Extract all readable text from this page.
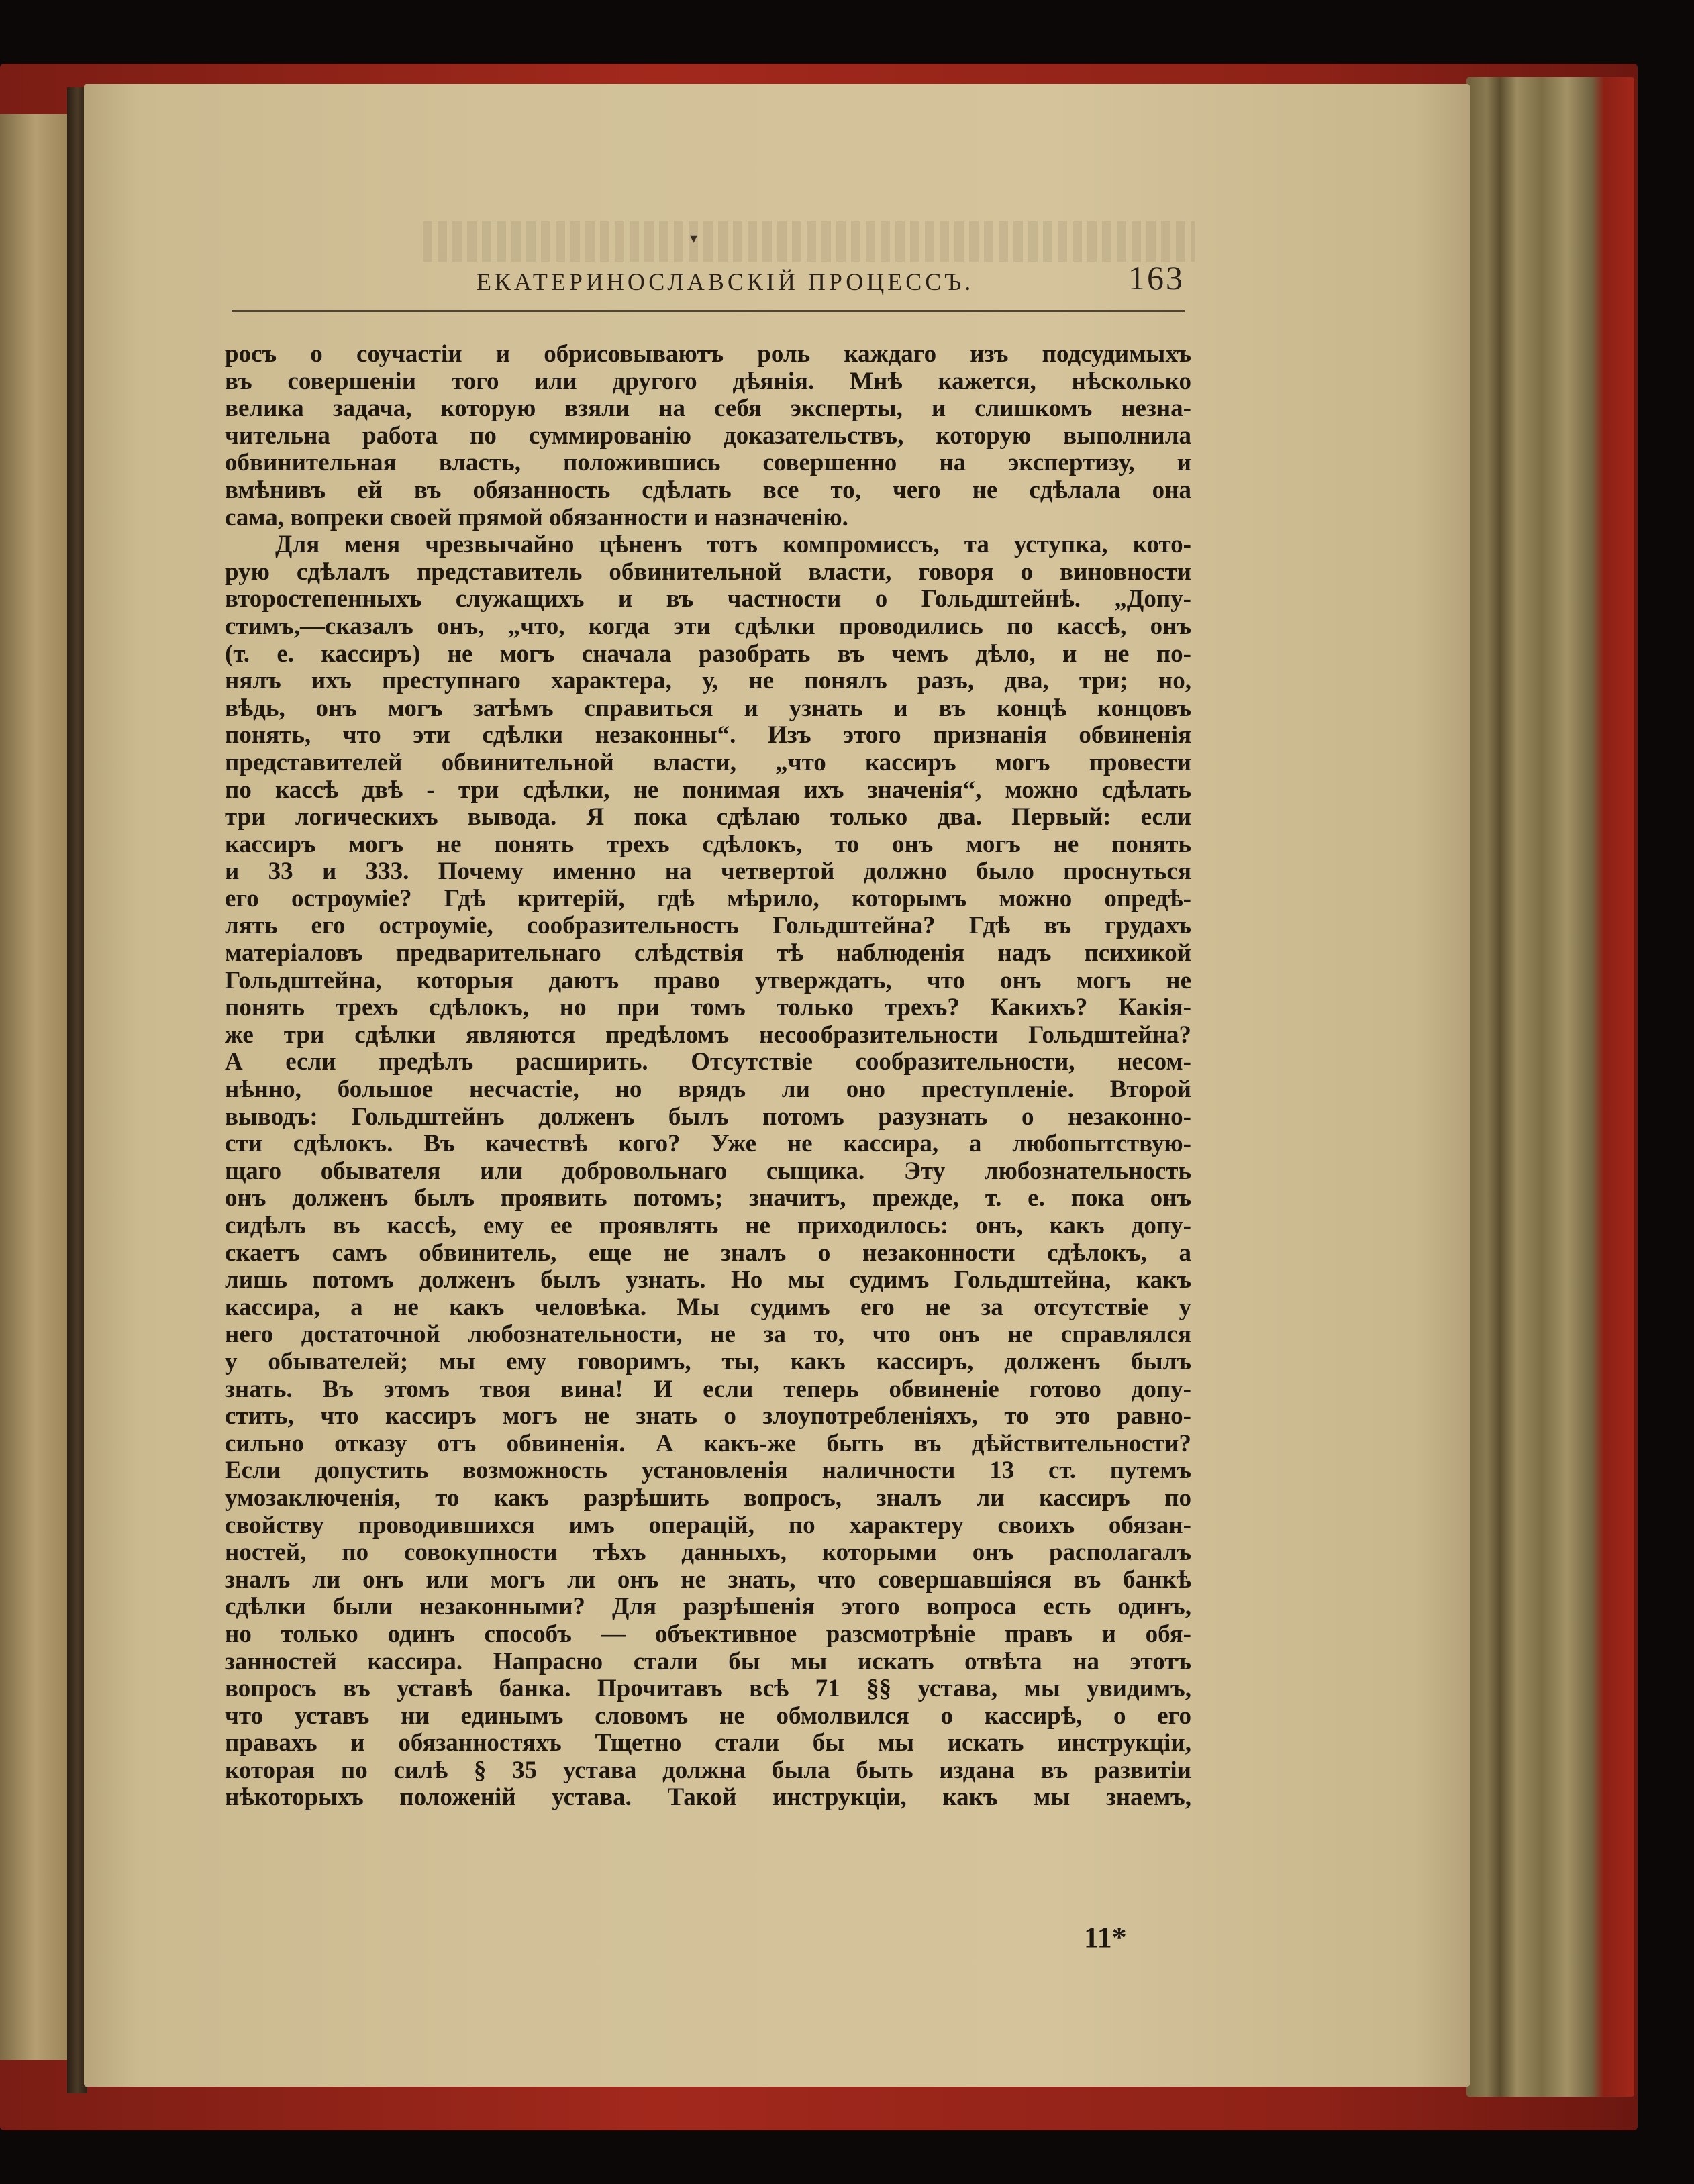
▾
ЕКАТЕРИНОСЛАВСКІЙ ПРОЦЕССЪ.	163
росъ о соучастіи и обрисовываютъ роль каждаго изъ подсудимыхъ
въ совершеніи того или другого дѣянія. Мнѣ кажется, нѣсколько
велика задача, которую взяли на себя эксперты, и слишкомъ незна-
чительна работа по суммированію доказательствъ, которую выполнила
обвинительная власть, положившись совершенно на экспертизу, и
вмѣнивъ ей въ обязанность сдѣлать все то, чего не сдѣлала она
сама, вопреки своей прямой обязанности и назначенію.
Для меня чрезвычайно цѣненъ тотъ компромиссъ, та уступка, кото-
рую сдѣлалъ представитель обвинительной власти, говоря о виновности
второстепенныхъ служащихъ и въ частности о Гольдштейнѣ. „Допу-
стимъ,—сказалъ онъ, „что, когда эти сдѣлки проводились по кассѣ, онъ
(т. е. кассиръ) не могъ сначала разобрать въ чемъ дѣло, и не по-
нялъ ихъ преступнаго характера, у, не понялъ разъ, два, три; но,
вѣдь, онъ могъ затѣмъ справиться и узнать и въ концѣ концовъ
понять, что эти сдѣлки незаконны“. Изъ этого признанія обвиненія
представителей обвинительной власти, „что кассиръ могъ провести
по кассѣ двѣ - три сдѣлки, не понимая ихъ значенія“, можно сдѣлать
три логическихъ вывода. Я пока сдѣлаю только два. Первый: если
кассиръ могъ не понять трехъ сдѣлокъ, то онъ могъ не понять
и 33 и 333. Почему именно на четвертой должно было проснуться
его остроуміе? Гдѣ критерій, гдѣ мѣрило, которымъ можно опредѣ-
лять его остроуміе, сообразительность Гольдштейна? Гдѣ въ грудахъ
матеріаловъ предварительнаго слѣдствія тѣ наблюденія надъ психикой
Гольдштейна, которыя даютъ право утверждать, что онъ могъ не
понять трехъ сдѣлокъ, но при томъ только трехъ? Какихъ? Какія-
же три сдѣлки являются предѣломъ несообразительности Гольдштейна?
А если предѣлъ расширить. Отсутствіе сообразительности, несом-
нѣнно, большое несчастіе, но врядъ ли оно преступленіе. Второй
выводъ: Гольдштейнъ долженъ былъ потомъ разузнать о незаконно-
сти сдѣлокъ. Въ качествѣ кого? Уже не кассира, а любопытствую-
щаго обывателя или добровольнаго сыщика. Эту любознательность
онъ долженъ былъ проявить потомъ; значитъ, прежде, т. е. пока онъ
сидѣлъ въ кассѣ, ему ее проявлять не приходилось: онъ, какъ допу-
скаетъ самъ обвинитель, еще не зналъ о незаконности сдѣлокъ, а
лишь потомъ долженъ былъ узнать. Но мы судимъ Гольдштейна, какъ
кассира, а не какъ человѣка. Мы судимъ его не за отсутствіе у
него достаточной любознательности, не за то, что онъ не справлялся
у обывателей; мы ему говоримъ, ты, какъ кассиръ, долженъ былъ
знать. Въ этомъ твоя вина! И если теперь обвиненіе готово допу-
стить, что кассиръ могъ не знать о злоупотребленіяхъ, то это равно-
сильно отказу отъ обвиненія. А какъ-же быть въ дѣйствительности?
Если допустить возможность установленія наличности 13 ст. путемъ
умозаключенія, то какъ разрѣшить вопросъ, зналъ ли кассиръ по
свойству проводившихся имъ операцій, по характеру своихъ обязан-
ностей, по совокупности тѣхъ данныхъ, которыми онъ располагалъ
зналъ ли онъ или могъ ли онъ не знать, что совершавшіяся въ банкѣ
сдѣлки были незаконными? Для разрѣшенія этого вопроса есть одинъ,
но только одинъ способъ — объективное разсмотрѣніе правъ и обя-
занностей кассира. Напрасно стали бы мы искать отвѣта на этотъ
вопросъ въ уставѣ банка. Прочитавъ всѣ 71 §§ устава, мы увидимъ,
что уставъ ни единымъ словомъ не обмолвился о кассирѣ, о его
правахъ и обязанностяхъ Тщетно стали бы мы искать инструкціи,
которая по силѣ § 35 устава должна была быть издана въ развитіи
нѣкоторыхъ положеній устава. Такой инструкціи, какъ мы знаемъ,
11*
